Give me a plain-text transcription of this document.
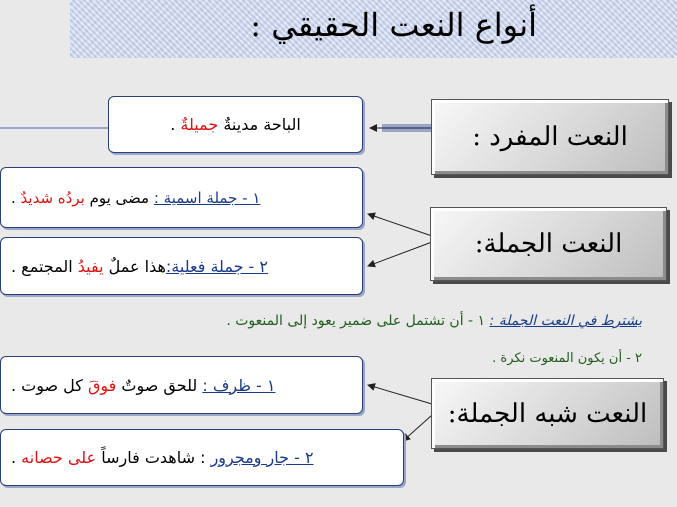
أنواع النعت الحقيقي :
الباحة مدينةٌ جميلةٌ .
١ - جملة اسمية : مضى يوم بردُه شديدٌ .
٢ - جملة فعلية:هذا عملٌ يفيدُ المجتمع .
يشترط في النعت الجملة : ١ - أن تشتمل على ضمير يعود إلى المنعوت .
٢ - أن يكون المنعوت نكرة .
١ - ظرف : للحق صوتٌ فوقَ كل صوت .
٢ - جار ومجرور : شاهدت فارساً على حصانه .
النعت المفرد :
النعت الجملة:
النعت شبه الجملة:
